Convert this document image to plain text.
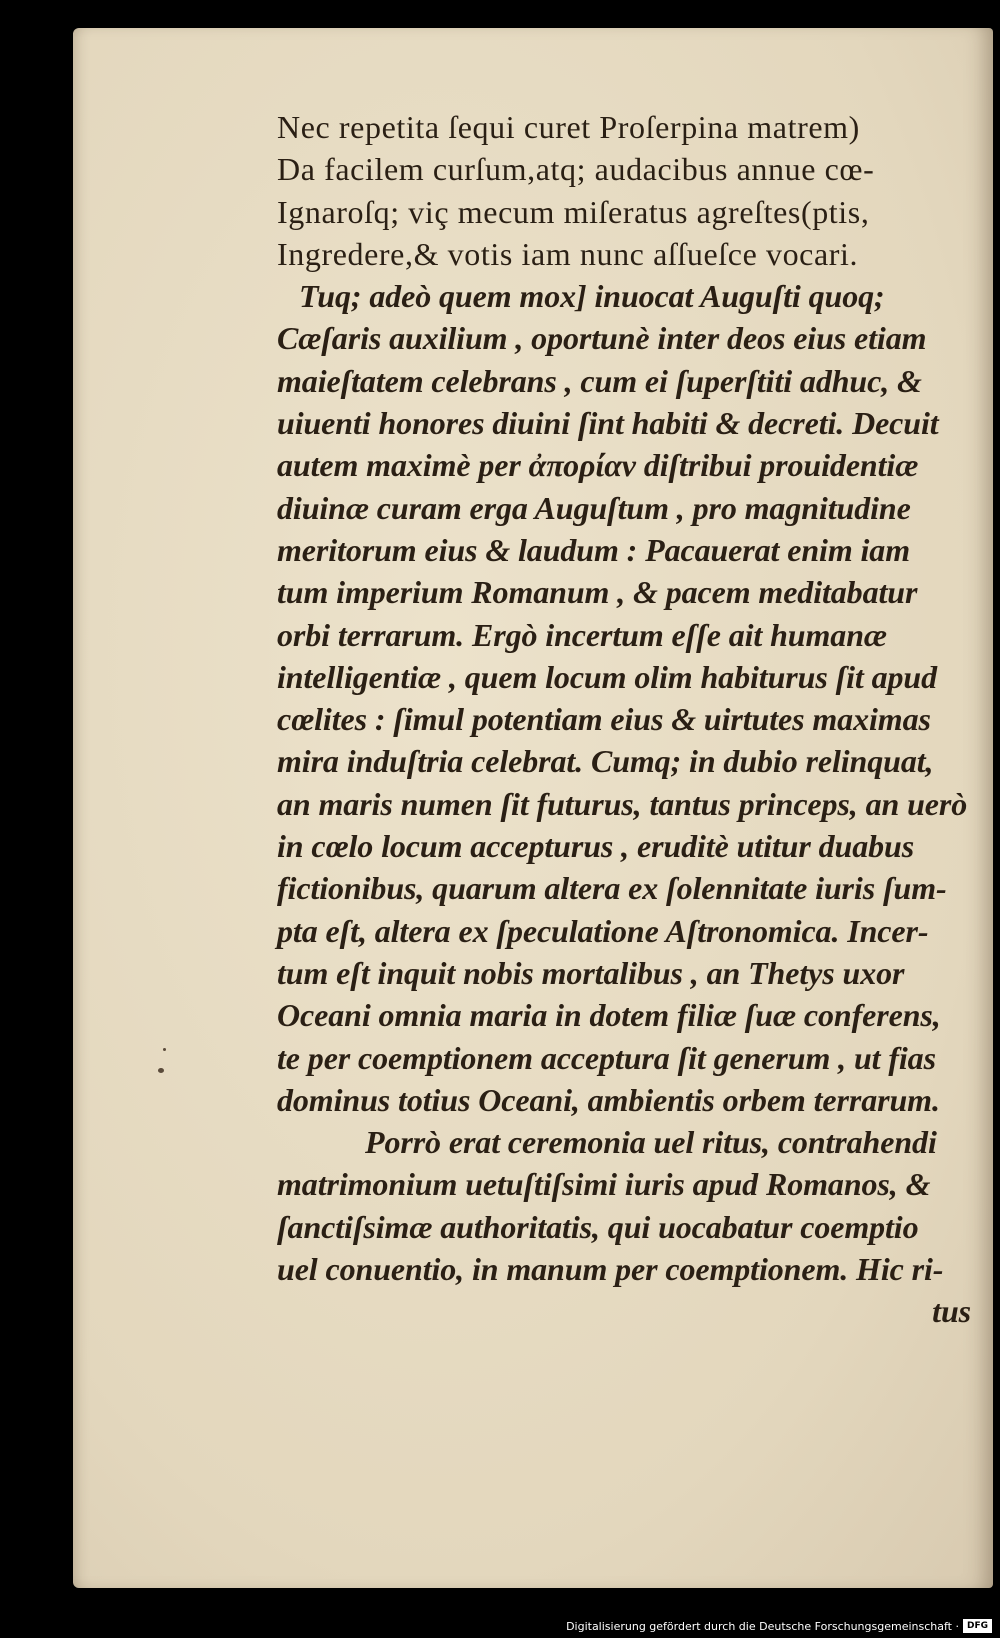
Nec repetita ſequi curet Proſerpina matrem)
Da facilem curſum,atq; audacibus annue cœ-
Ignaroſq; viç mecum miſeratus agreſtes(ptis,
Ingredere,& votis iam nunc aſſueſce vocari.
Tuq; adeò quem mox] inuocat Auguſti quoq;
Cæſaris auxilium , oportunè inter deos eius etiam
maieſtatem celebrans , cum ei ſuperſtiti adhuc, &
uiuenti honores diuini ſint habiti & decreti. Decuit
autem maximè per ἀπορίαν diſtribui prouidentiæ
diuinæ curam erga Auguſtum , pro magnitudine
meritorum eius & laudum : Pacauerat enim iam
tum imperium Romanum , & pacem meditabatur
orbi terrarum. Ergò incertum eſſe ait humanæ
intelligentiæ , quem locum olim habiturus ſit apud
cœlites : ſimul potentiam eius & uirtutes maximas
mira induſtria celebrat. Cumq; in dubio relinquat,
an maris numen ſit futurus, tantus princeps, an uerò
in cœlo locum accepturus , eruditè utitur duabus
fictionibus, quarum altera ex ſolennitate iuris ſum-
pta eſt, altera ex ſpeculatione Aſtronomica. Incer-
tum eſt inquit nobis mortalibus , an Thetys uxor
Oceani omnia maria in dotem filiæ ſuæ conferens,
te per coemptionem acceptura ſit generum , ut fias
dominus totius Oceani, ambientis orbem terrarum.
Porrò erat ceremonia uel ritus, contrahendi
matrimonium uetuſtiſsimi iuris apud Romanos, &
ſanctiſsimæ authoritatis, qui uocabatur coemptio
uel conuentio, in manum per coemptionem. Hic ri-
tus
Digitalisierung gefördert durch die Deutsche Forschungsgemeinschaft · DFG
